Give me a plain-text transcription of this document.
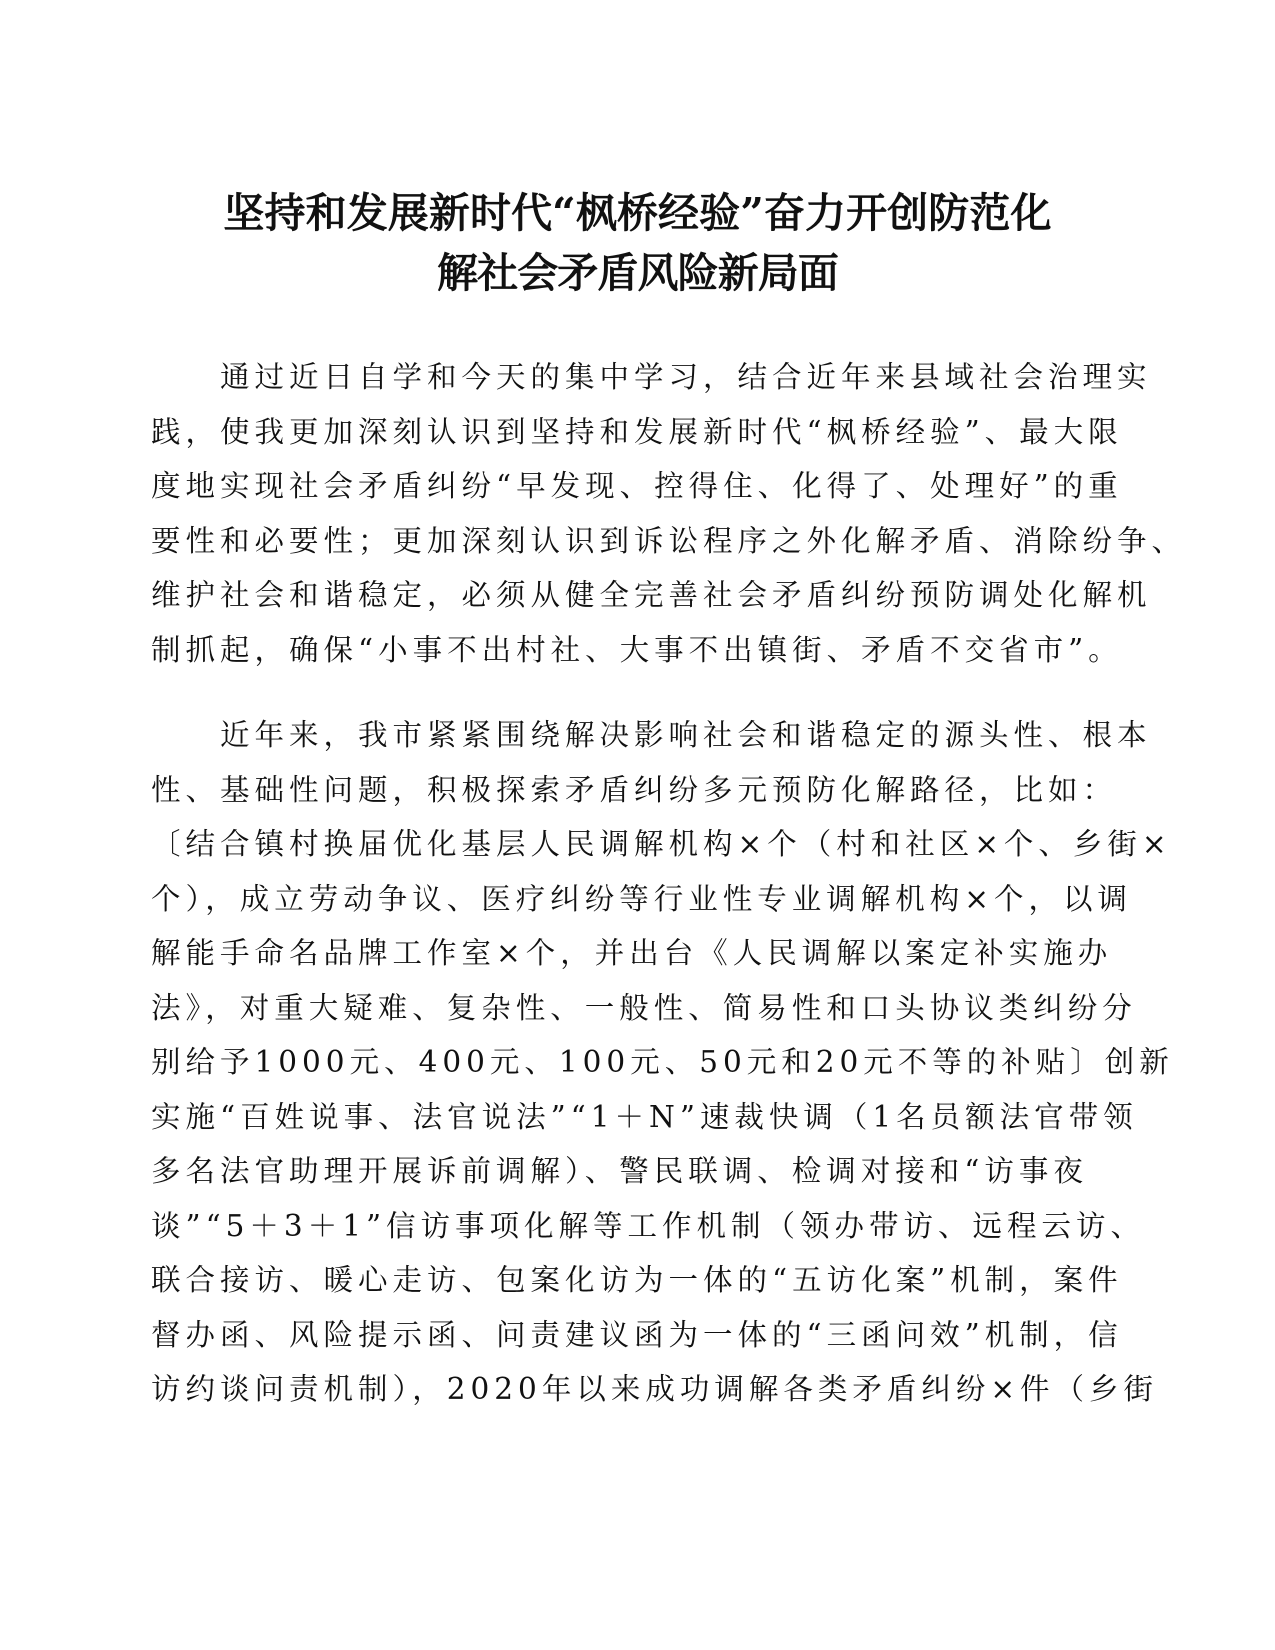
坚持和发展新时代“枫桥经验”奋力开创防范化
解社会矛盾风险新局面

　　通过近日自学和今天的集中学习，结合近年来县域社会治理实
践，使我更加深刻认识到坚持和发展新时代“枫桥经验”、最大限
度地实现社会矛盾纠纷“早发现、控得住、化得了、处理好”的重
要性和必要性；更加深刻认识到诉讼程序之外化解矛盾、消除纷争、
维护社会和谐稳定，必须从健全完善社会矛盾纠纷预防调处化解机
制抓起，确保“小事不出村社、大事不出镇街、矛盾不交省市”。

　　近年来，我市紧紧围绕解决影响社会和谐稳定的源头性、根本
性、基础性问题，积极探索矛盾纠纷多元预防化解路径，比如：
〔结合镇村换届优化基层人民调解机构×个（村和社区×个、乡街×
个），成立劳动争议、医疗纠纷等行业性专业调解机构×个，以调
解能手命名品牌工作室×个，并出台《人民调解以案定补实施办
法》，对重大疑难、复杂性、一般性、简易性和口头协议类纠纷分
别给予1000元、400元、100元、50元和20元不等的补贴〕创新
实施“百姓说事、法官说法”“1＋N”速裁快调（1名员额法官带领
多名法官助理开展诉前调解）、警民联调、检调对接和“访事夜
谈”“5＋3＋1”信访事项化解等工作机制（领办带访、远程云访、
联合接访、暖心走访、包案化访为一体的“五访化案”机制，案件
督办函、风险提示函、问责建议函为一体的“三函问效”机制，信
访约谈问责机制），2020年以来成功调解各类矛盾纠纷×件（乡街
